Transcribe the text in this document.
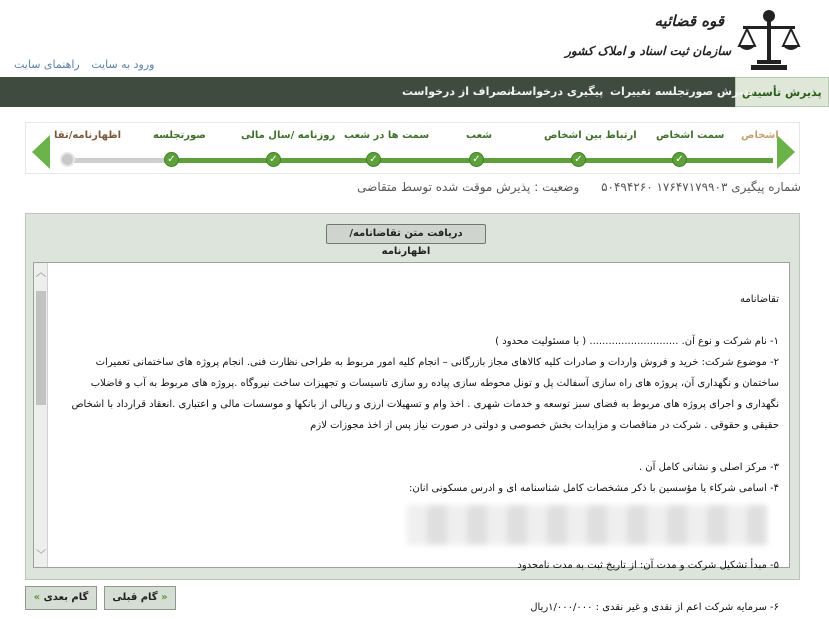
ورود به سایت راهنمای سایت
قوه قضائیه
سازمان ثبت اسناد و املاک کشور
پذیرش تأسیس
پذیرش صورتجلسه تغییرات
پیگیری درخواست
انصراف از درخواست
اشخاص
سمت اشخاص
ارتباط بین اشخاص
شعب
سمت ها در شعب
روزنامه /سال مالی
صورتجلسه
اظهارنامه/تقا
✓
✓
✓
✓
✓
✓
شماره پیگیری ۱۷۶۴۷۱۷۹۹۰۳ ۵۰۴۹۴۲۶۰ وضعیت : پذیرش موقت شده توسط متقاضی
دریافت متن تقاضانامه/اظهارنامه
︿
﹀
تقاضانامه
۱- نام شرکت و نوع آن. ............................ ( با مسئولیت محدود )
۲- موضوع شرکت: خرید و فروش واردات و صادرات کلیه کالاهای مجاز بازرگانی – انجام کلیه امور مربوط به طراحی نظارت فنی. انجام پروژه های ساختمانی تعمیرات ساختمان و نگهداری آن، پروژه های راه سازی آسفالت پل و تونل محوطه سازی پیاده رو سازی تاسیسات و تجهیزات ساخت نیروگاه .پروژه های مربوط به آب و فاضلاب نگهداری و اجرای پروژه های مربوط به فضای سبز توسعه و خدمات شهری . اخذ وام و تسهیلات ارزی و ریالی از بانکها و موسسات مالی و اعتباری .انعقاد قرارداد با اشخاص حقیقی و حقوقی . شرکت در مناقصات و مزایدات بخش خصوصی و دولتی در صورت نیاز پس از اخذ مجوزات لازم
۳- مرکز اصلی و نشانی کامل آن .
۴- اسامی شرکاء یا مؤسسین با ذکر مشخصات کامل شناسنامه ای و ادرس مسکونی انان:
۵- مبدأ تشکیل شرکت و مدت آن: از تاریخ ثبت به مدت نامحدود
۶- سرمایه شرکت اعم از نقدی و غیر نقدی : ۱/۰۰۰/۰۰۰ریال
گام قبلی »
« گام بعدی
